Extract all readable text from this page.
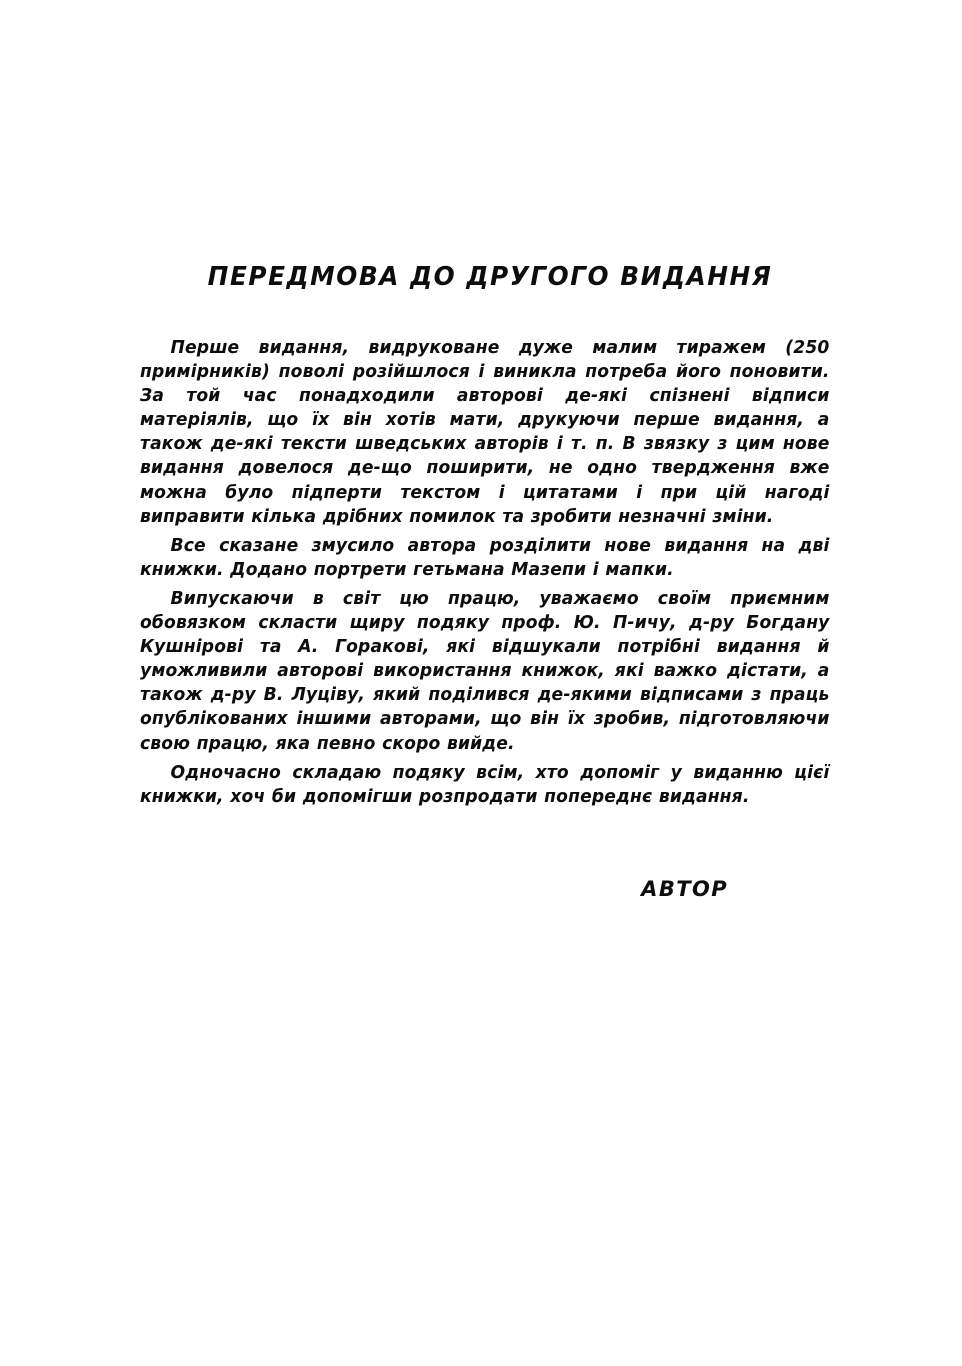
ПЕРЕДМОВА ДО ДРУГОГО ВИДАННЯ

Перше видання, видруковане дуже малим тиражем (250 примірників) поволі розійшлося і виникла потреба його поновити. За той час понадходили авторові де-які спізнені відписи матеріялів, що їх він хотів мати, друкуючи перше видання, а також де-які тексти шведських авторів і т. п. В звязку з цим нове видання довелося де-що поширити, не одно твердження вже можна було підперти текстом і цитатами і при цій нагоді виправити кілька дрібних помилок та зробити незначні зміни.

Все сказане змусило автора розділити нове видання на дві книжки. Додано портрети гетьмана Мазепи і мапки.

Випускаючи в світ цю працю, уважаємо своїм приємним обовязком скласти щиру подяку проф. Ю. П-ичу, д-ру Богдану Кушнірові та А. Горакові, які відшукали потрібні видання й уможливили авторові використання книжок, які важко дістати, а також д-ру В. Луціву, який поділився де-якими відписами з праць опублікованих іншими авторами, що він їх зробив, підготовляючи свою працю, яка певно скоро вийде.

Одночасно складаю подяку всім, хто допоміг у виданню цієї книжки, хоч би допомігши розпродати попереднє видання.

АВТОР
